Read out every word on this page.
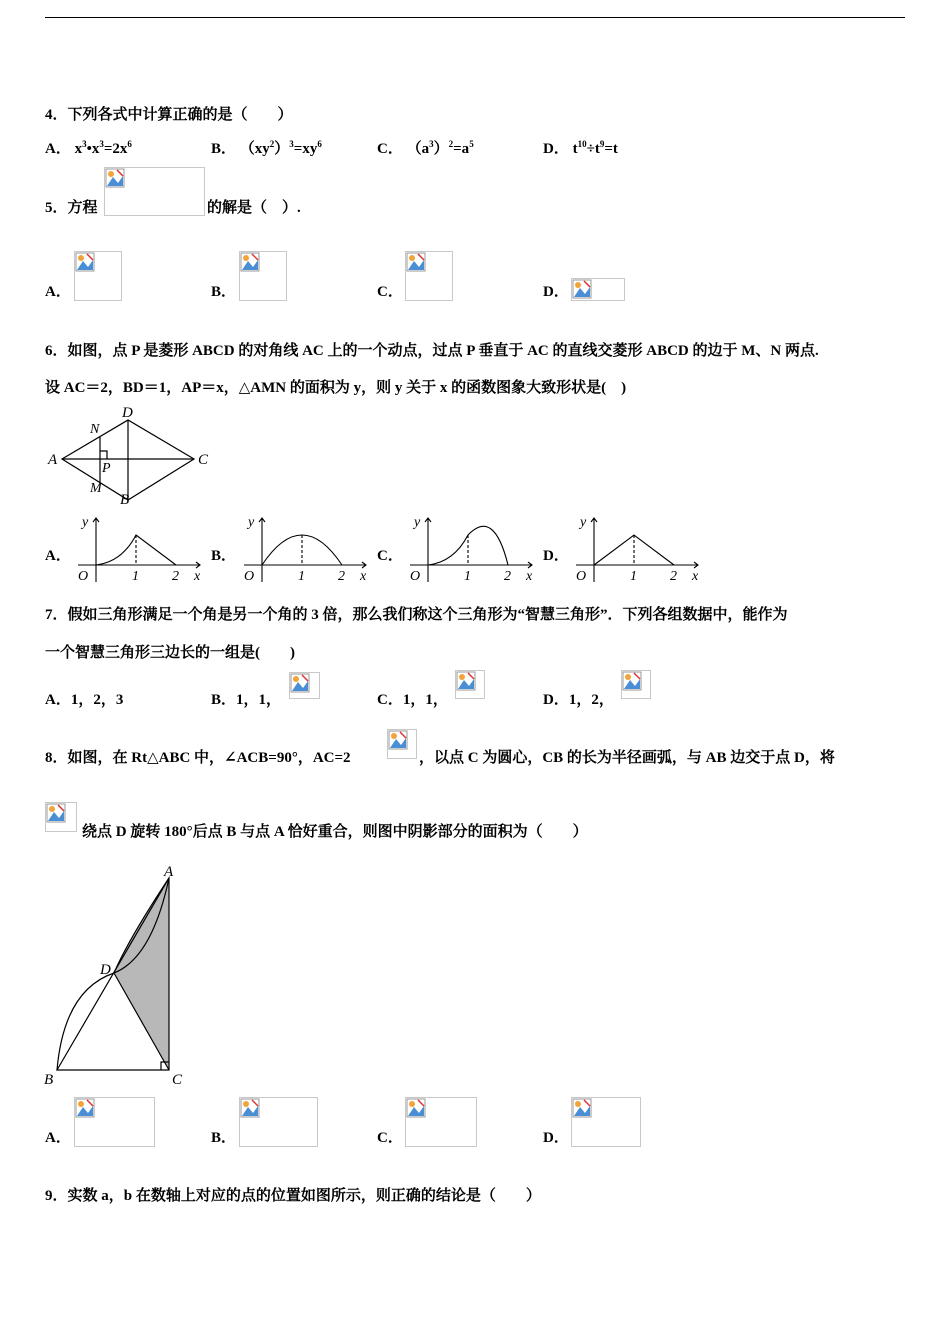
4．下列各式中计算正确的是（　　）
A． $x^3•x^3=2x^6$	B． $(xy^2)^3=xy^6$	C． $(a^3)^2=a^5$	D． $t^{10}\div t^9=t$
5．方程	的解是（　）.
A．	B．	C．	D．
6．如图，点 P 是菱形 ABCD 的对角线 AC 上的一个动点，过点 P 垂直于 AC 的直线交菱形 ABCD 的边于 M、N 两点.
设 AC＝2，BD＝1，AP＝x，△AMN 的面积为 y，则 y 关于 x 的函数图象大致形状是(　)
A
D
C
B
N
M
P
A．
y
x
O	1 2
B．
y
x
O	1 2
C．
y
x
O	1 2
D．
y
x
O	1 2
7．假如三角形满足一个角是另一个角的 3 倍，那么我们称这个三角形为“智慧三角形”．下列各组数据中，能作为
一个智慧三角形三边长的一组是(　　)
A．1，2，3	B．1，1，	C．1，1，	D．1，2，
8．如图，在 Rt△ABC 中，∠ACB=90°，AC=2	，以点 C 为圆心，CB 的长为半径画弧，与 AB 边交于点 D，将
绕点 D 旋转 180°后点 B 与点 A 恰好重合，则图中阴影部分的面积为（　　）
A
B	C
D
A．	B．	C．	D．
9．实数 a，b 在数轴上对应的点的位置如图所示，则正确的结论是（　　）
